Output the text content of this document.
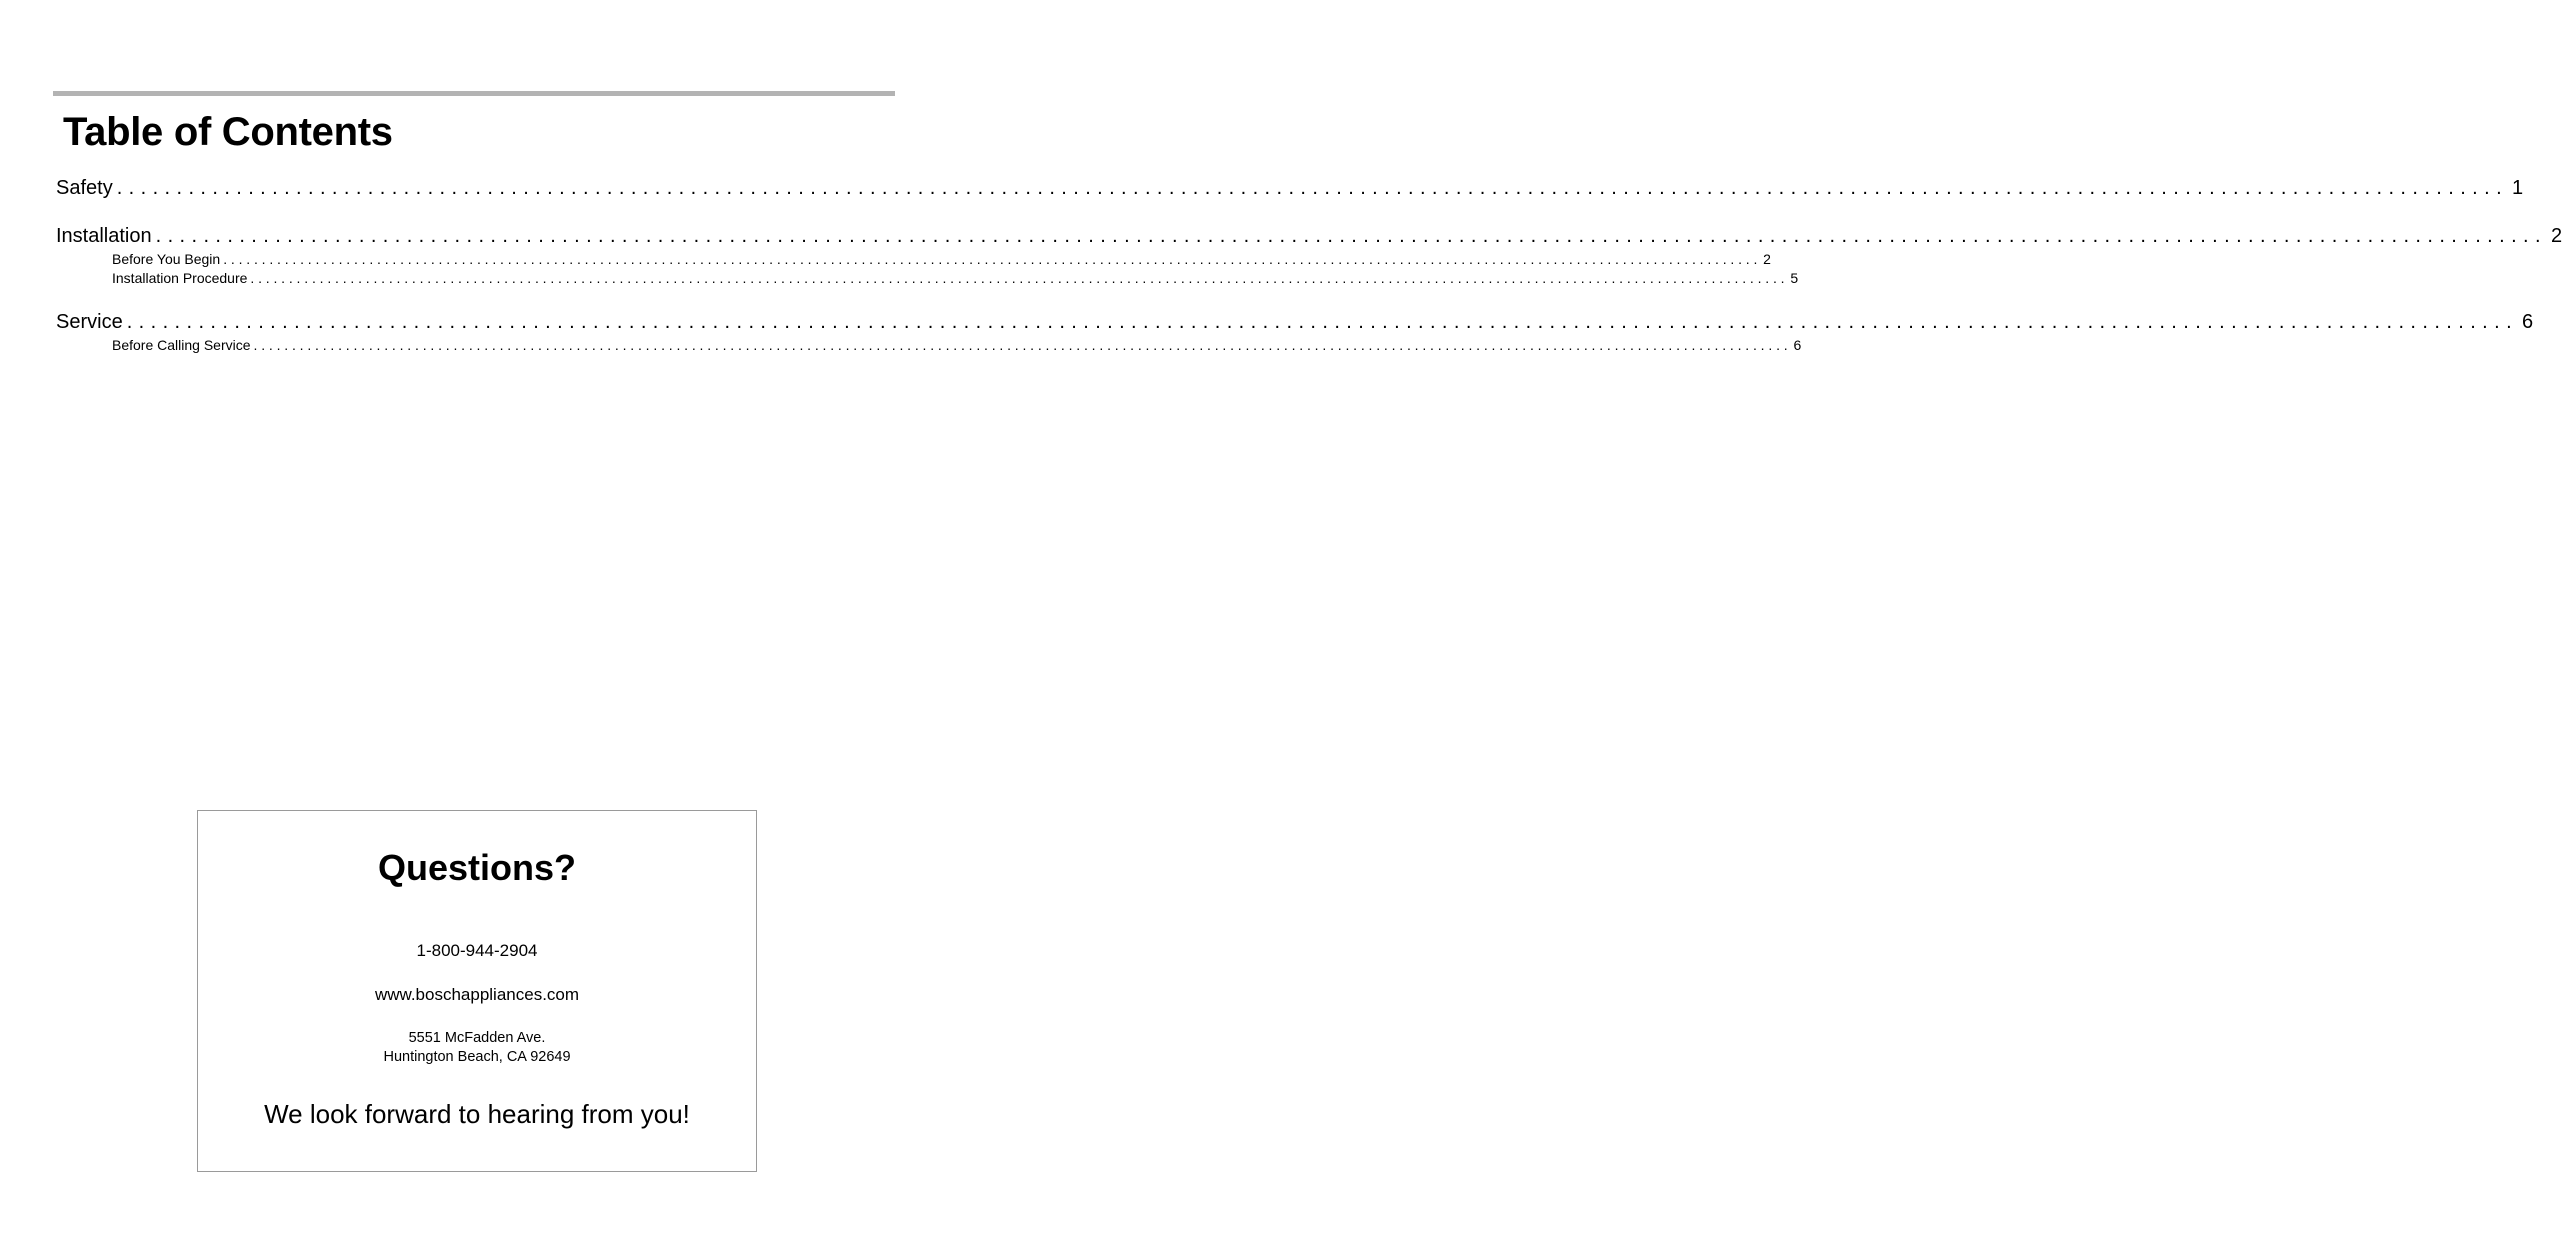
Table of Contents
Safety ........................................................................................................................................................................................................ 1
Installation ........................................................................................................................................................................................................ 2
Before You Begin ........................................................................................................................................................................................................ 2
Installation Procedure ........................................................................................................................................................................................................ 5
Service ........................................................................................................................................................................................................ 6
Before Calling Service ........................................................................................................................................................................................................ 6
Questions?
1-800-944-2904
www.boschappliances.com
5551 McFadden Ave.
Huntington Beach, CA 92649
We look forward to hearing from you!
